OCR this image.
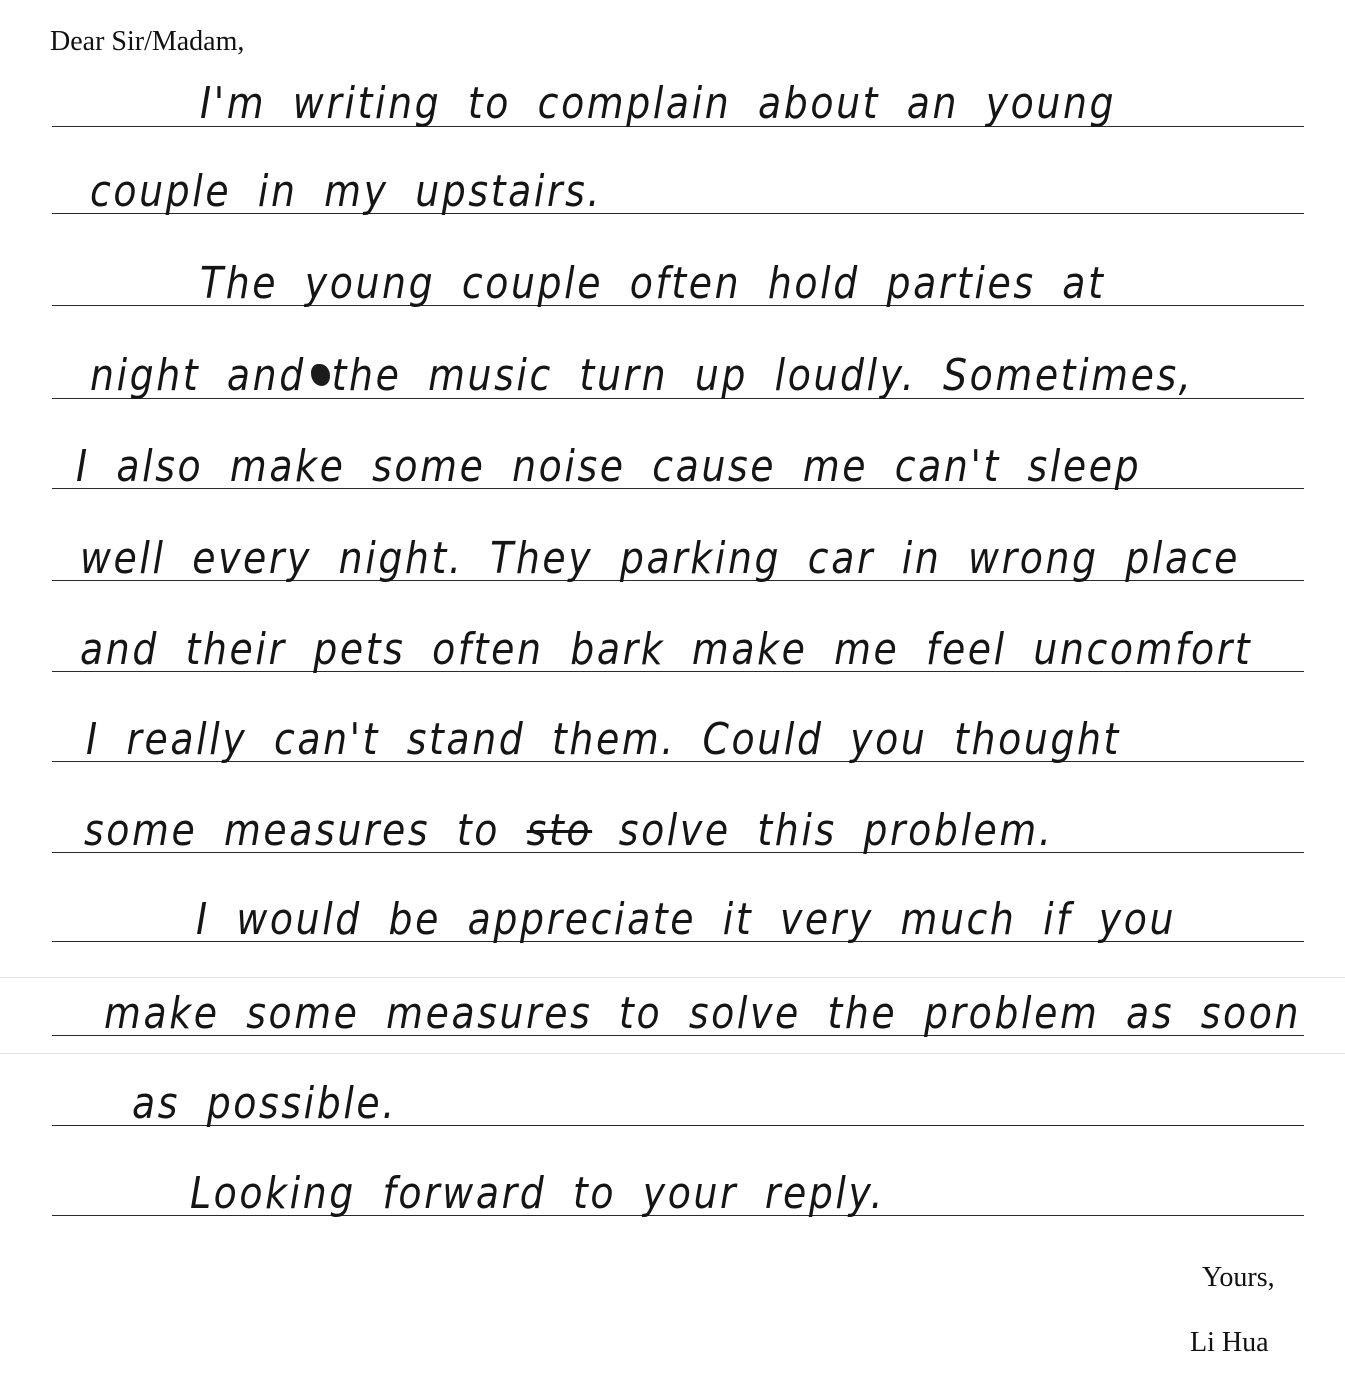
Dear Sir/Madam,
I'm writing to complain about an young
couple in my upstairs.
The young couple often hold parties at
night and the music turn up loudly. Sometimes,
I also make some noise cause me can't sleep
well every night. They parking car in wrong place
and their pets often bark make me feel uncomfort
I really can't stand them. Could you thought
some measures to sto solve this problem.
I would be appreciate it very much if you
make some measures to solve the problem as soon
as possible.
Looking forward to your reply.
Yours,
Li Hua
